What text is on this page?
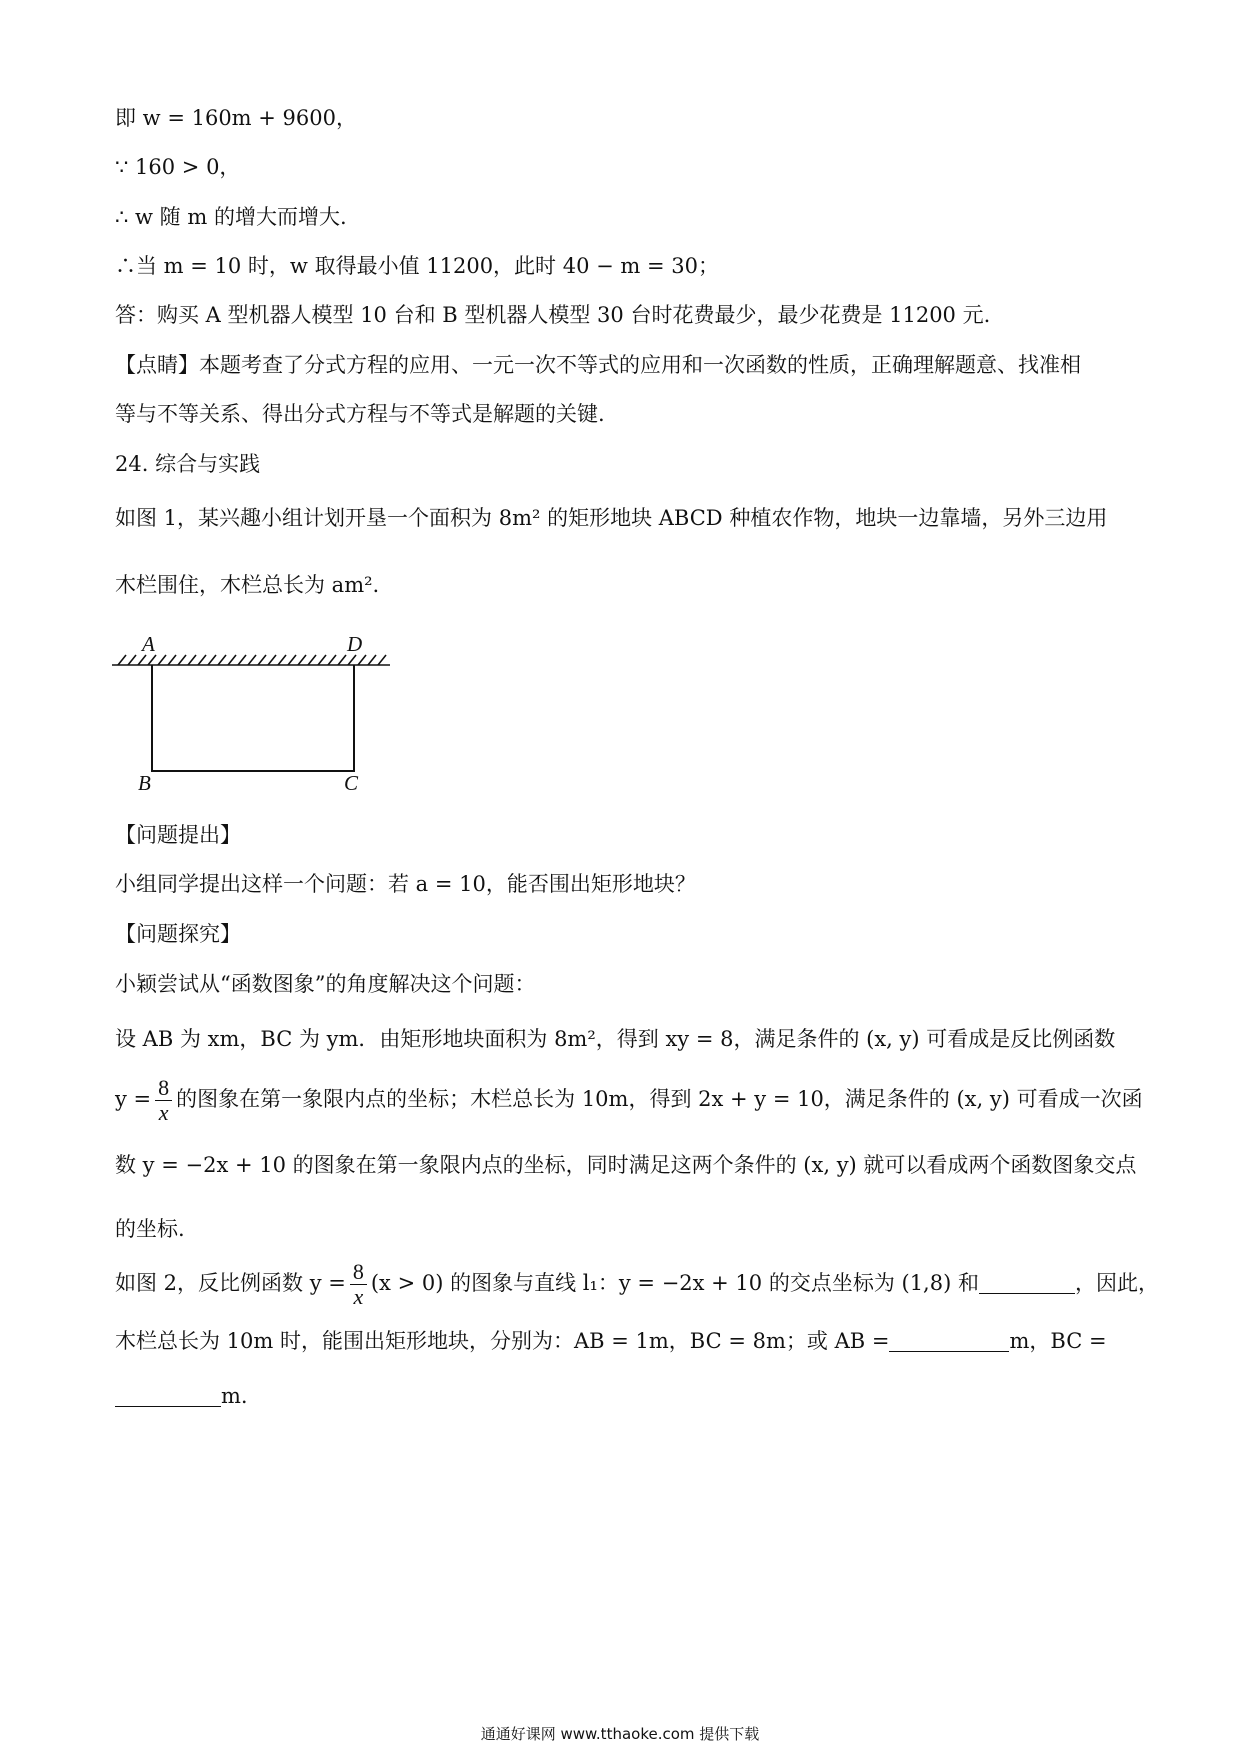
即 w = 160m + 9600，
∵ 160 > 0，
∴ w 随 m 的增大而增大.
∴当 m = 10 时，w 取得最小值 11200，此时 40 − m = 30；
答：购买 A 型机器人模型 10 台和 B 型机器人模型 30 台时花费最少，最少花费是 11200 元.
【点睛】本题考查了分式方程的应用、一元一次不等式的应用和一次函数的性质，正确理解题意、找准相
等与不等关系、得出分式方程与不等式是解题的关键.
24. 综合与实践
如图 1，某兴趣小组计划开垦一个面积为 8m² 的矩形地块 ABCD 种植农作物，地块一边靠墙，另外三边用
木栏围住，木栏总长为 am².
A	D
B	C
【问题提出】
小组同学提出这样一个问题：若 a = 10，能否围出矩形地块？
【问题探究】
小颖尝试从“函数图象”的角度解决这个问题：
设 AB 为 xm，BC 为 ym．由矩形地块面积为 8m²，得到 xy = 8，满足条件的 (x, y) 可看成是反比例函数
$y = \frac{8}{x}$ 的图象在第一象限内点的坐标；木栏总长为 10m，得到 2x + y = 10，满足条件的 (x, y) 可看成一次函
数 y = −2x + 10 的图象在第一象限内点的坐标，同时满足这两个条件的 (x, y) 就可以看成两个函数图象交点
的坐标.
如图 2，反比例函数 $y = \frac{8}{x} (x > 0)$ 的图象与直线 l₁：y = −2x + 10 的交点坐标为 (1,8) 和	，因此，
木栏总长为 10m 时，能围出矩形地块，分别为：AB = 1m，BC = 8m；或 AB =	m，BC =
m.
通通好课网 www.tthaoke.com 提供下载
